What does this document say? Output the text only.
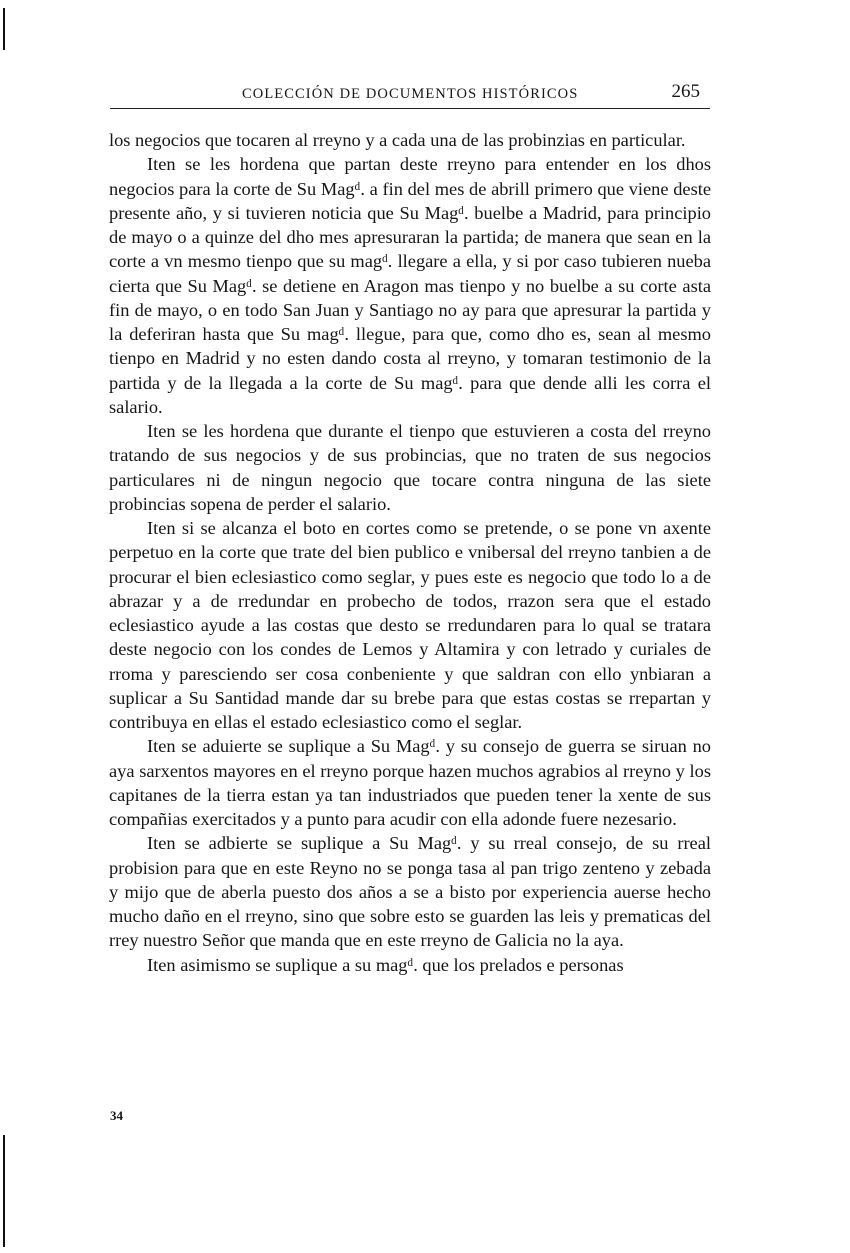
COLECCIÓN DE DOCUMENTOS HISTÓRICOS	265

los negocios que tocaren al rreyno y a cada una de las probinzias en particular.

Iten se les hordena que partan deste rreyno para entender en los dhos negocios para la corte de Su Magᵈ. a fin del mes de abrill primero que viene deste presente año, y si tuvieren noticia que Su Magᵈ. buelbe a Madrid, para principio de mayo o a quinze del dho mes apresuraran la partida; de manera que sean en la corte a vn mesmo tienpo que su magᵈ. llegare a ella, y si por caso tubieren nueba cierta que Su Magᵈ. se detiene en Aragon mas tienpo y no buelbe a su corte asta fin de mayo, o en todo San Juan y Santiago no ay para que apresurar la partida y la deferiran hasta que Su magᵈ. llegue, para que, como dho es, sean al mesmo tienpo en Madrid y no esten dando costa al rreyno, y tomaran testimonio de la partida y de la llegada a la corte de Su magᵈ. para que dende alli les corra el salario.

Iten se les hordena que durante el tienpo que estuvieren a costa del rreyno tratando de sus negocios y de sus probincias, que no traten de sus negocios particulares ni de ningun negocio que tocare contra ninguna de las siete probincias sopena de perder el salario.

Iten si se alcanza el boto en cortes como se pretende, o se pone vn axente perpetuo en la corte que trate del bien publico e vnibersal del rreyno tanbien a de procurar el bien eclesiastico como seglar, y pues este es negocio que todo lo a de abrazar y a de rredundar en probecho de todos, rrazon sera que el estado eclesiastico ayude a las costas que desto se rredundaren para lo qual se tratara deste negocio con los condes de Lemos y Altamira y con letrado y curiales de rroma y paresciendo ser cosa conbeniente y que saldran con ello ynbiaran a suplicar a Su Santidad mande dar su brebe para que estas costas se rrepartan y contribuya en ellas el estado eclesiastico como el seglar.

Iten se aduierte se suplique a Su Magᵈ. y su consejo de guerra se siruan no aya sarxentos mayores en el rreyno porque hazen muchos agrabios al rreyno y los capitanes de la tierra estan ya tan industriados que pueden tener la xente de sus compañias exercitados y a punto para acudir con ella adonde fuere nezesario.

Iten se adbierte se suplique a Su Magᵈ. y su rreal consejo, de su rreal probision para que en este Reyno no se ponga tasa al pan trigo zenteno y zebada y mijo que de aberla puesto dos años a se a bisto por experiencia auerse hecho mucho daño en el rreyno, sino que sobre esto se guarden las leis y prematicas del rrey nuestro Señor que manda que en este rreyno de Galicia no la aya.

Iten asimismo se suplique a su magᵈ. que los prelados e personas

34
